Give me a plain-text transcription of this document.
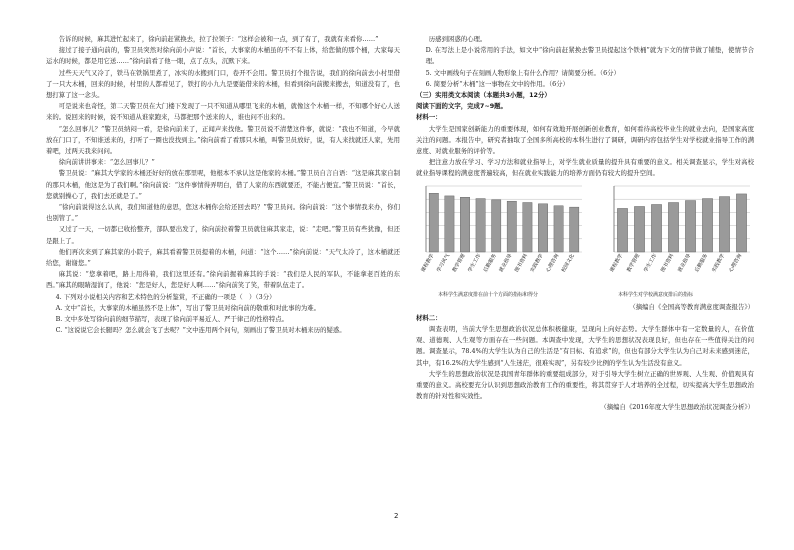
告诉的时候，麻其进忙起来了，徐向前赶紧换去，拉了拉领子：“这样会被和一点，到了有了，我就有来看你……”

接过了接子通向前的，警卫员突然对徐向前小声说：“首长，大事家的木桶虽的不不有上体，给您做的那个桶，大家每天运水的时候，都是用它送……”徐向前看了他一眼，点了点头，沉默下来。

过些天天气又冷了，铁马在铁锅里煮了，冰实的水搬到门口，卷开不会用。警卫员打个报告说，我们的徐向前去小村里借了一只大木桶，回来的时候，村里的人都看见了，铁打的小九九是要能借来的木桶，但看到徐向前搬来搬去，知道没有了，也想打算了这一念头。

可是说来也奇怪，第二天警卫员在大门楼下发现了一只不知道从哪里飞来的木桶，就像这个木桶一样，不知哪个好心人送来的。说回来的时候，说不知道从谁家跑来，马都把那个送来的人，谁也问不出来的。

“怎么回事儿？”警卫员纳闷一看，是徐向前来了，正闻声来找他。警卫员说不清楚这件事，就说：“我也不知道，今早就放在门口了，不知谁送来的，打听了一圈也没找到主。”徐向前看了看那只木桶，叫警卫员放好，说，有人来找就还人家，先用着吧，过两天我来问问。

徐向前讲讲事来：“怎么回事儿？”

警卫员说：“麻其大学家的木桶还好好的放在那里呢，他根本不承认这是他家的木桶。”警卫员自言自语：“这是麻其家自制的那只木桶，他这是为了我们啊。”徐向前说：“这件事情得弄明白，借了人家的东西就要还，不能占便宜。”警卫员说：“首长，您就别操心了，我们去还就是了。”

“徐向前说得这么认真，我们知道他的意思，您这木桶你会给还回去吗？”警卫员问。徐向前说：“这个事情我来办，你们也别管了。”

又过了一天，一切都已收拾整齐，部队要出发了，徐向前拉着警卫员就往麻其家走，说：“走吧。”警卫员有些犹豫，但还是跟上了。

他们再次来到了麻其家的小院子，麻其看着警卫员提着的木桶，问道：“这个……”徐向前说：“天气太冷了，这木桶就还给您，谢谢您。”

麻其说：“您拿着吧，路上用得着，我们这里还有。”徐向前握着麻其的手说：“我们是人民的军队，不能拿老百姓的东西。”麻其的眼睛湿润了，他说：“您是好人，您是好人啊……”徐向前笑了笑，带着队伍走了。

4. 下列对小说相关内容和艺术特色的分析鉴赏，不正确的一项是（　）（3分）

A. 文中“首长，大事家的木桶虽然不是上体”，写出了警卫员对徐向前的敬重和对此事的为难。

B. 文中多处写徐向前的细节描写，表现了徐向前平易近人、严于律己的性格特点。

C. “这说说它会长腿吗？怎么就会飞了去呢？”文中连用两个问句，刻画出了警卫员对木桶来历的疑惑。

历感到困惑的心理。

D. 在写法上是小说常用的手法，如文中“徐向前赶紧换去警卫员提起这个铁桶”就为下文的情节做了铺垫，使情节合理。

5. 文中画线句子在刻画人物形象上有什么作用？请简要分析。（6分）

6. 简要分析“木桶”这一事物在文中的作用。（6分）

（三）实用类文本阅读（本题共3小题，12分）

阅读下面的文字，完成7~9题。

材料一：

大学生是国家创新能力的重要体现，如何有效地开展创新创业教育，如何看待高校毕业生的就业去向，是国家高度关注的问题。本报告中，研究者抽取了全国多所高校的本科生进行了调研，调研内容包括学生对学校就业指导工作的满意度、对就业服务的评价等。

把注意力放在学习、学习方法和就业指导上，对学生就业质量的提升具有重要的意义。相关调查显示，学生对高校就业指导课程的满意度普遍较高，但在就业实践能力的培养方面仍有较大的提升空间。

课程教学 学习风气 教学管理 学生工作 后勤服务 就业指导 图书资料 实践教学 心理咨询 校园文化
本科学生满意度排在前十个方面的指标和得分
课程教学 教学管理 学生工作 图书资料 就业指导 后勤服务 实践教学 心理咨询
本科学生对学校满意度排后的指标

（摘编自《全国高等教育满意度调查报告》）

材料二：

调查表明，当前大学生思想政治状况总体积极健康，呈现向上向好态势。大学生群体中有一定数量的人，在价值观、道德观、人生观等方面存在一些问题。本调查中发现，大学生的思想状况表现良好，但也存在一些值得关注的问题。调查显示，78.4%的大学生认为自己的生活是“有目标、有追求”的，但也有部分大学生认为自己对未来感到迷茫，其中，有16.2%的大学生感到“人生迷茫，很难实现”，另有较少比例的学生认为生活没有意义。

大学生的思想政治状况是我国青年群体的重要组成部分，对于引导大学生树立正确的世界观、人生观、价值观具有重要的意义。高校要充分认识到思想政治教育工作的重要性，将其贯穿于人才培养的全过程，切实提高大学生思想政治教育的针对性和实效性。

（摘编自《2016年度大学生思想政治状况调查分析》）

2
